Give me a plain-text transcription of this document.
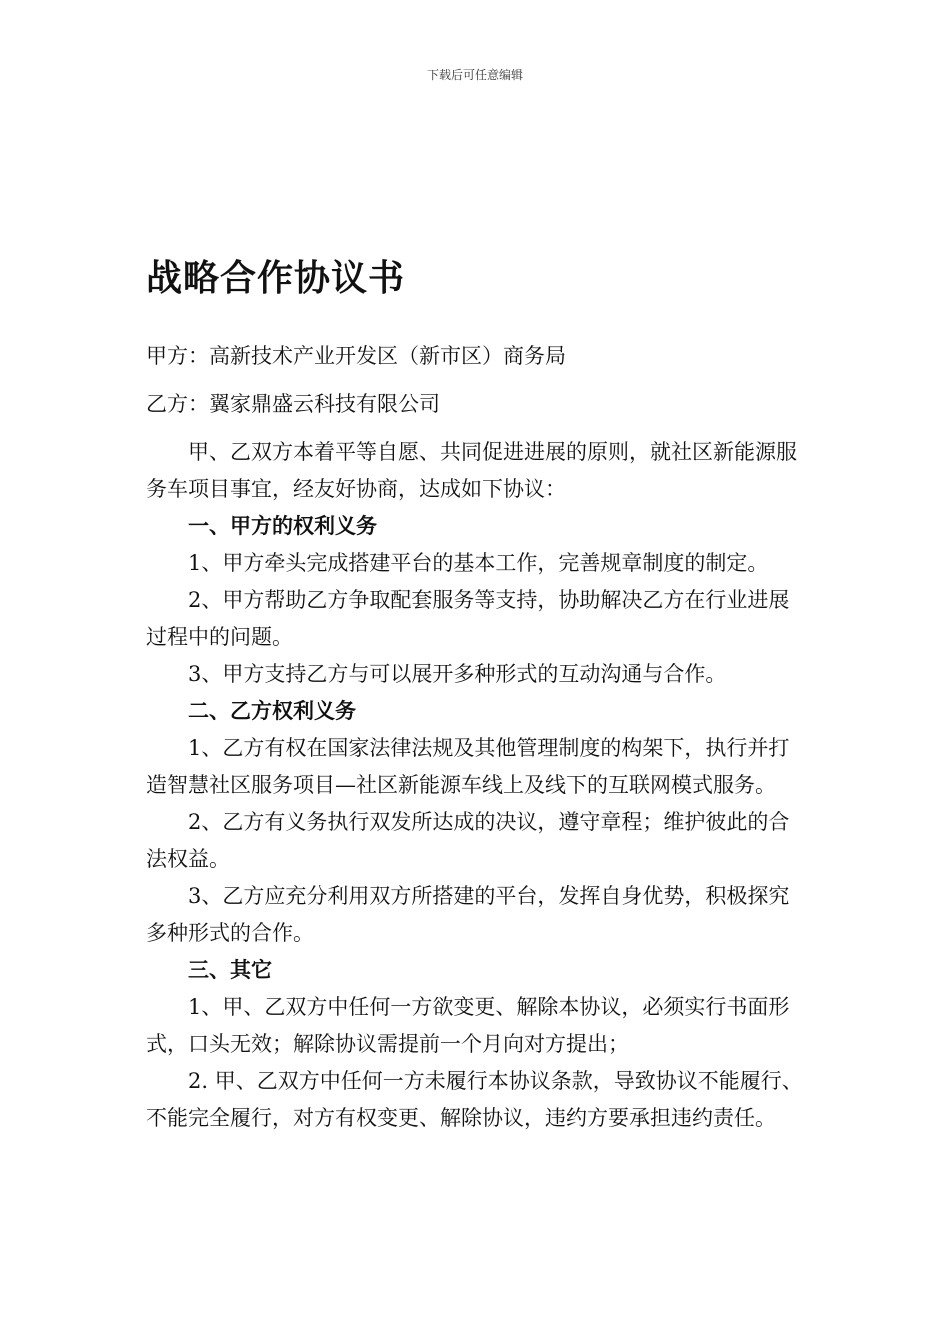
下载后可任意编辑
战略合作协议书

甲方：高新技术产业开发区（新市区）商务局

乙方：翼家鼎盛云科技有限公司

甲、乙双方本着平等自愿、共同促进进展的原则，就社区新能源服务车项目事宜，经友好协商，达成如下协议：

一、甲方的权利义务

1、甲方牵头完成搭建平台的基本工作，完善规章制度的制定。

2、甲方帮助乙方争取配套服务等支持，协助解决乙方在行业进展过程中的问题。

3、甲方支持乙方与可以展开多种形式的互动沟通与合作。

二、乙方权利义务

1、乙方有权在国家法律法规及其他管理制度的构架下，执行并打造智慧社区服务项目—社区新能源车线上及线下的互联网模式服务。

2、乙方有义务执行双发所达成的决议，遵守章程；维护彼此的合法权益。

3、乙方应充分利用双方所搭建的平台，发挥自身优势，积极探究多种形式的合作。

三、其它

1、甲、乙双方中任何一方欲变更、解除本协议，必须实行书面形式，口头无效；解除协议需提前一个月向对方提出；

2. 甲、乙双方中任何一方未履行本协议条款，导致协议不能履行、不能完全履行，对方有权变更、解除协议，违约方要承担违约责任。
